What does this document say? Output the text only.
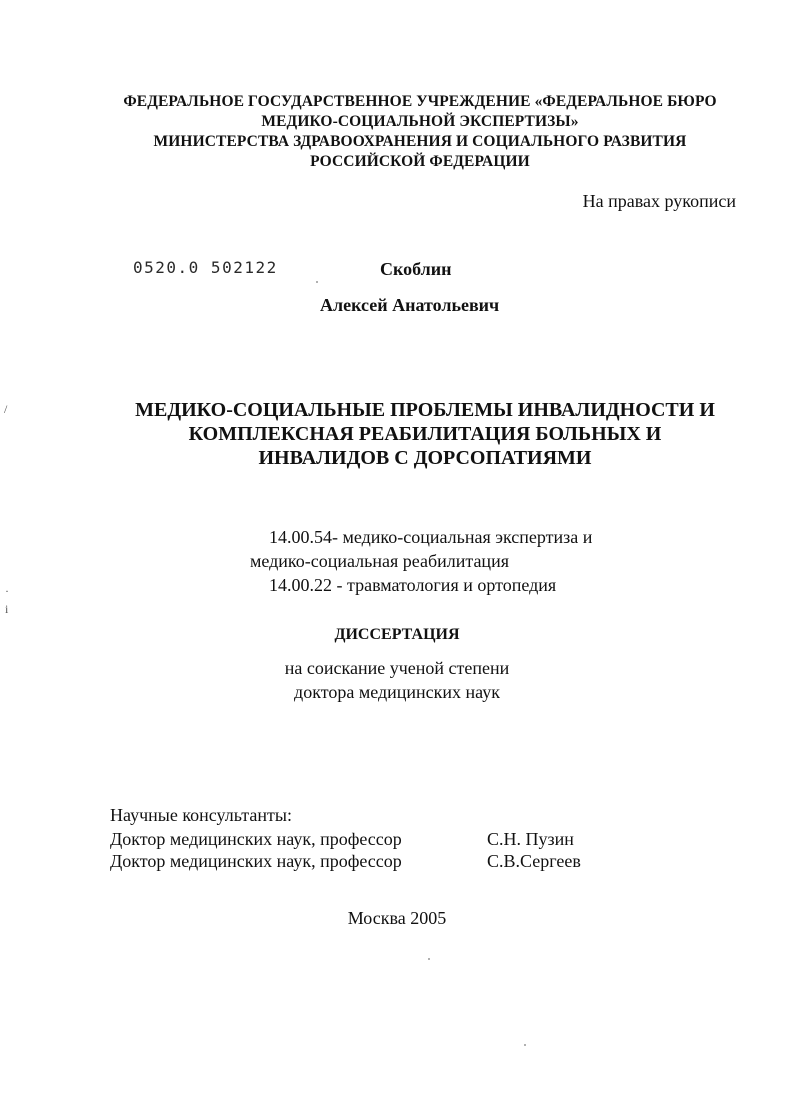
ФЕДЕРАЛЬНОЕ ГОСУДАРСТВЕННОЕ УЧРЕЖДЕНИЕ «ФЕДЕРАЛЬНОЕ БЮРО
МЕДИКО-СОЦИАЛЬНОЙ ЭКСПЕРТИЗЫ»
МИНИСТЕРСТВА ЗДРАВООХРАНЕНИЯ И СОЦИАЛЬНОГО РАЗВИТИЯ
РОССИЙСКОЙ ФЕДЕРАЦИИ
На правах рукописи
0520.0 502122	Скоблин
Алексей Анатольевич
МЕДИКО-СОЦИАЛЬНЫЕ ПРОБЛЕМЫ ИНВАЛИДНОСТИ И
КОМПЛЕКСНАЯ РЕАБИЛИТАЦИЯ БОЛЬНЫХ И
ИНВАЛИДОВ С ДОРСОПАТИЯМИ
14.00.54- медико-социальная экспертиза и
медико-социальная реабилитация
14.00.22 - травматология и ортопедия
ДИССЕРТАЦИЯ
на соискание ученой степени
доктора медицинских наук
Научные консультанты:
Доктор медицинских наук, профессор	С.Н. Пузин
Доктор медицинских наук, профессор	С.В.Сергеев
Москва 2005
/
·
i
